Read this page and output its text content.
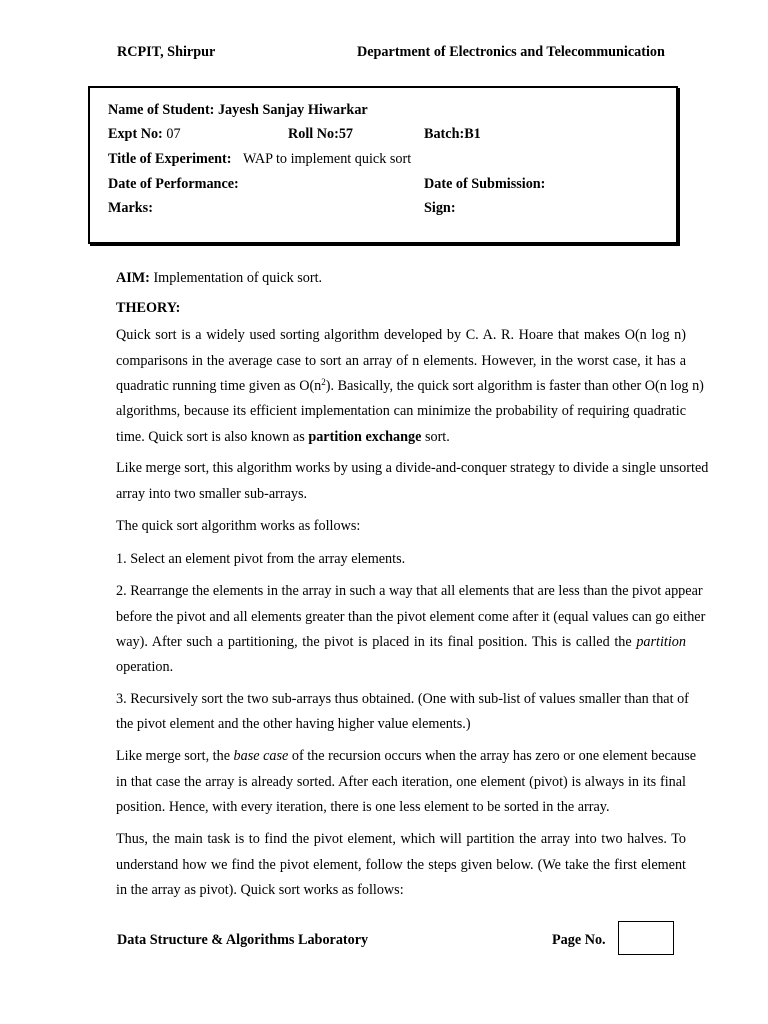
RCPIT, Shirpur	Department of Electronics and Telecommunication
Name of Student: Jayesh Sanjay Hiwarkar
Expt No: 07	Roll No:57	Batch:B1
Title of Experiment: WAP to implement quick sort
Date of Performance:	Date of Submission:
Marks:	Sign:
AIM: Implementation of quick sort.
THEORY:
Quick sort is a widely used sorting algorithm developed by C. A. R. Hoare that makes O(n log n)
comparisons in the average case to sort an array of n elements. However, in the worst case, it has a
quadratic running time given as $O(n^2)$. Basically, the quick sort algorithm is faster than other O(n log n)
algorithms, because its efficient implementation can minimize the probability of requiring quadratic
time. Quick sort is also known as partition exchange sort.
Like merge sort, this algorithm works by using a divide-and-conquer strategy to divide a single unsorted
array into two smaller sub-arrays.
The quick sort algorithm works as follows:
1. Select an element pivot from the array elements.
2. Rearrange the elements in the array in such a way that all elements that are less than the pivot appear
before the pivot and all elements greater than the pivot element come after it (equal values can go either
way). After such a partitioning, the pivot is placed in its final position. This is called the partition
operation.
3. Recursively sort the two sub-arrays thus obtained. (One with sub-list of values smaller than that of
the pivot element and the other having higher value elements.)
Like merge sort, the base case of the recursion occurs when the array has zero or one element because
in that case the array is already sorted. After each iteration, one element (pivot) is always in its final
position. Hence, with every iteration, there is one less element to be sorted in the array.
Thus, the main task is to find the pivot element, which will partition the array into two halves. To
understand how we find the pivot element, follow the steps given below. (We take the first element
in the array as pivot). Quick sort works as follows:
Data Structure & Algorithms Laboratory	Page No.
